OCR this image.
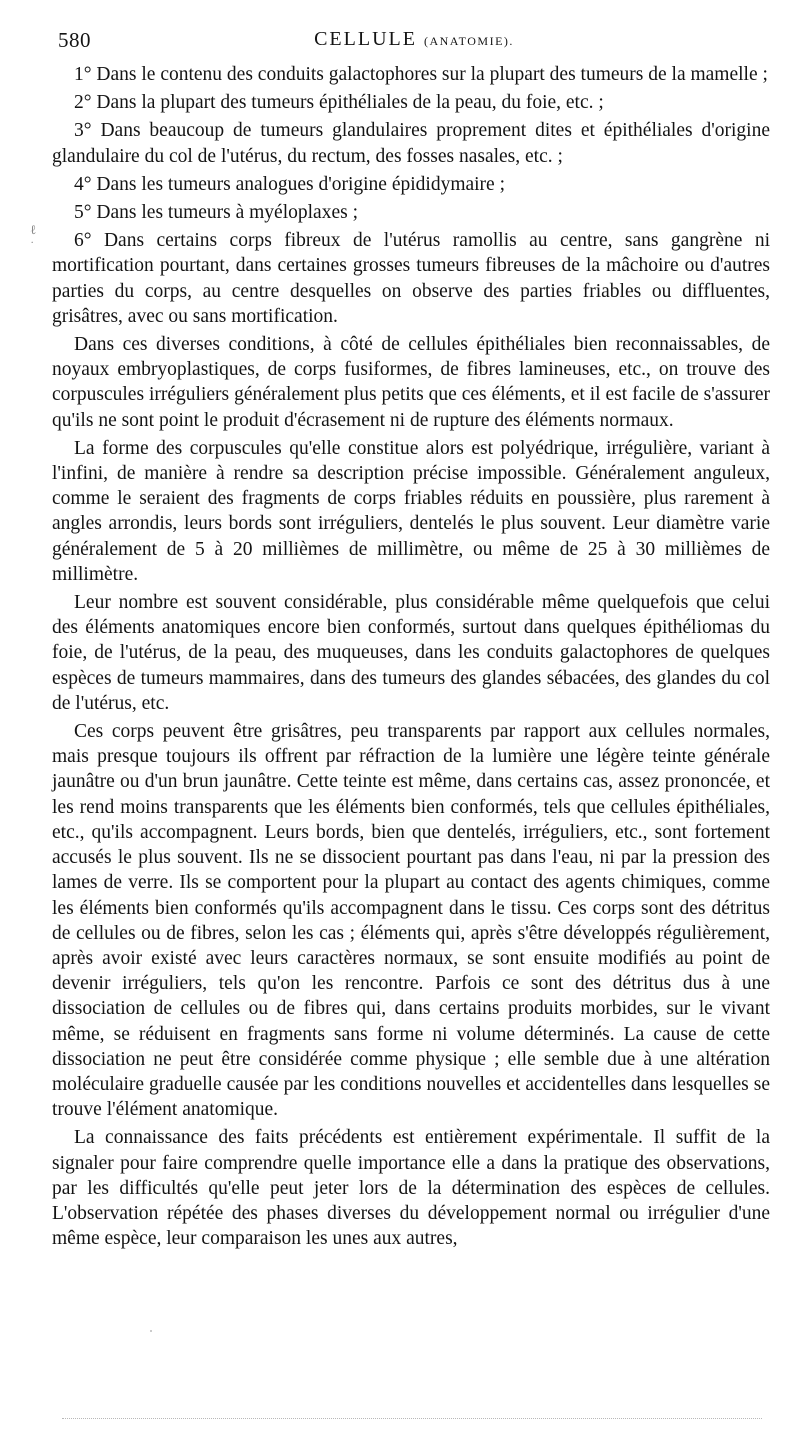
580	CELLULE (ANATOMIE).
ℓ
˙

1° Dans le contenu des conduits galactophores sur la plupart des tumeurs de la mamelle ;

2° Dans la plupart des tumeurs épithéliales de la peau, du foie, etc. ;

3° Dans beaucoup de tumeurs glandulaires proprement dites et épithéliales d'origine glandulaire du col de l'utérus, du rectum, des fosses nasales, etc. ;

4° Dans les tumeurs analogues d'origine épididymaire ;

5° Dans les tumeurs à myéloplaxes ;

6° Dans certains corps fibreux de l'utérus ramollis au centre, sans gangrène ni mortification pourtant, dans certaines grosses tumeurs fibreuses de la mâchoire ou d'autres parties du corps, au centre desquelles on observe des parties friables ou diffluentes, grisâtres, avec ou sans mortification.

Dans ces diverses conditions, à côté de cellules épithéliales bien reconnaissables, de noyaux embryoplastiques, de corps fusiformes, de fibres lamineuses, etc., on trouve des corpuscules irréguliers généralement plus petits que ces éléments, et il est facile de s'assurer qu'ils ne sont point le produit d'écrasement ni de rupture des éléments normaux.

La forme des corpuscules qu'elle constitue alors est polyédrique, irrégulière, variant à l'infini, de manière à rendre sa description précise impossible. Généralement anguleux, comme le seraient des fragments de corps friables réduits en poussière, plus rarement à angles arrondis, leurs bords sont irréguliers, dentelés le plus souvent. Leur diamètre varie généralement de 5 à 20 millièmes de millimètre, ou même de 25 à 30 millièmes de millimètre.

Leur nombre est souvent considérable, plus considérable même quelquefois que celui des éléments anatomiques encore bien conformés, surtout dans quelques épithéliomas du foie, de l'utérus, de la peau, des muqueuses, dans les conduits galactophores de quelques espèces de tumeurs mammaires, dans des tumeurs des glandes sébacées, des glandes du col de l'utérus, etc.

Ces corps peuvent être grisâtres, peu transparents par rapport aux cellules normales, mais presque toujours ils offrent par réfraction de la lumière une légère teinte générale jaunâtre ou d'un brun jaunâtre. Cette teinte est même, dans certains cas, assez prononcée, et les rend moins transparents que les éléments bien conformés, tels que cellules épithéliales, etc., qu'ils accompagnent. Leurs bords, bien que dentelés, irréguliers, etc., sont fortement accusés le plus souvent. Ils ne se dissocient pourtant pas dans l'eau, ni par la pression des lames de verre. Ils se comportent pour la plupart au contact des agents chimiques, comme les éléments bien conformés qu'ils accompagnent dans le tissu. Ces corps sont des détritus de cellules ou de fibres, selon les cas ; éléments qui, après s'être développés régulièrement, après avoir existé avec leurs caractères normaux, se sont ensuite modifiés au point de devenir irréguliers, tels qu'on les rencontre. Parfois ce sont des détritus dus à une dissociation de cellules ou de fibres qui, dans certains produits morbides, sur le vivant même, se réduisent en fragments sans forme ni volume déterminés. La cause de cette dissociation ne peut être considérée comme physique ; elle semble due à une altération moléculaire graduelle causée par les conditions nouvelles et accidentelles dans lesquelles se trouve l'élément anatomique.

La connaissance des faits précédents est entièrement expérimentale. Il suffit de la signaler pour faire comprendre quelle importance elle a dans la pratique des observations, par les difficultés qu'elle peut jeter lors de la détermination des espèces de cellules. L'observation répétée des phases diverses du développement normal ou irrégulier d'une même espèce, leur comparaison les unes aux autres,
